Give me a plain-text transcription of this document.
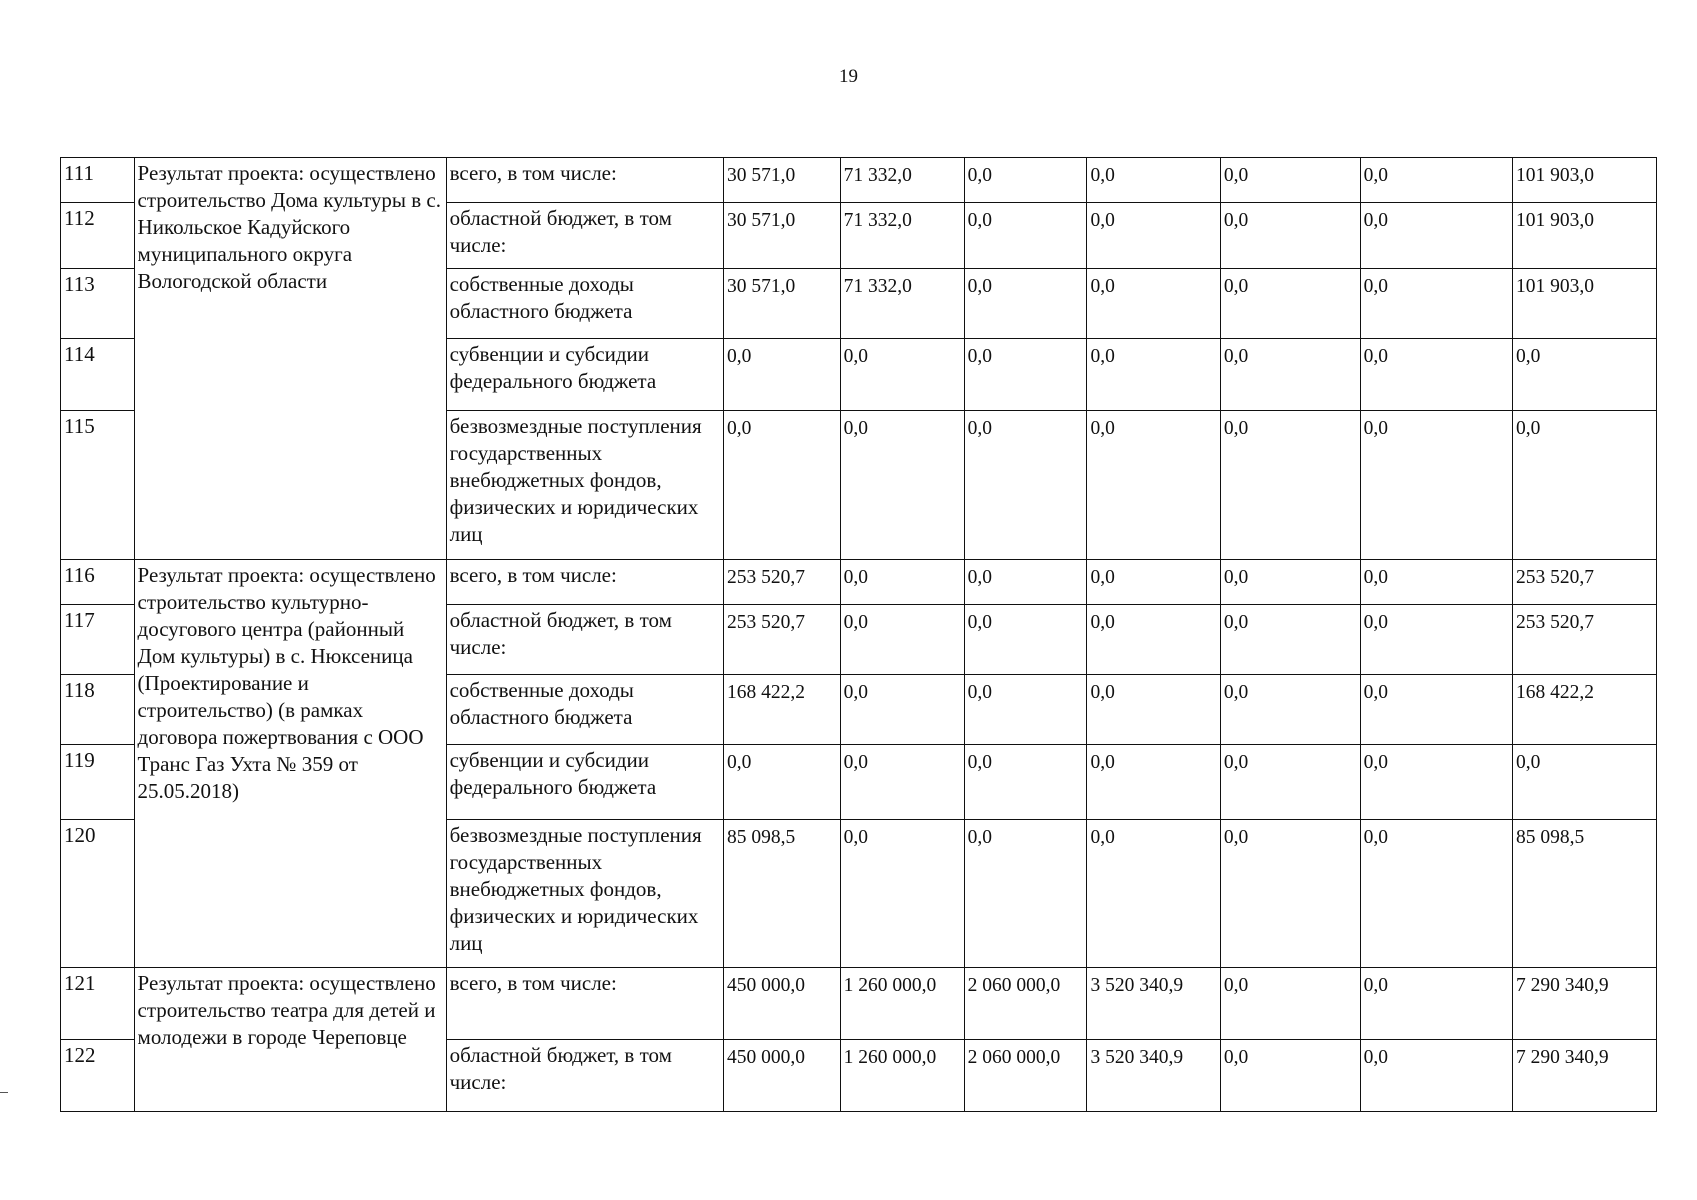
19
111	Результат проекта: осуществлено строительство Дома культуры в с. Никольское Кадуйского муниципального округа Вологодской области	всего, в том числе:	30 571,0	71 332,0	0,0	0,0	0,0	0,0	101 903,0
112		областной бюджет, в том числе:	30 571,0	71 332,0	0,0	0,0	0,0	0,0	101 903,0
113		собственные доходы областного бюджета	30 571,0	71 332,0	0,0	0,0	0,0	0,0	101 903,0
114		субвенции и субсидии федерального бюджета	0,0	0,0	0,0	0,0	0,0	0,0	0,0
115		безвозмездные поступления государственных внебюджетных фондов, физических и юридических лиц	0,0	0,0	0,0	0,0	0,0	0,0	0,0
116	Результат проекта: осуществлено строительство культурно-досугового центра (районный Дом культуры) в с. Нюксеница (Проектирование и строительство) (в рамках договора пожертвования с ООО Транс Газ Ухта № 359 от 25.05.2018)	всего, в том числе:	253 520,7	0,0	0,0	0,0	0,0	0,0	253 520,7
117		областной бюджет, в том числе:	253 520,7	0,0	0,0	0,0	0,0	0,0	253 520,7
118		собственные доходы областного бюджета	168 422,2	0,0	0,0	0,0	0,0	0,0	168 422,2
119		субвенции и субсидии федерального бюджета	0,0	0,0	0,0	0,0	0,0	0,0	0,0
120		безвозмездные поступления государственных внебюджетных фондов, физических и юридических лиц	85 098,5	0,0	0,0	0,0	0,0	0,0	85 098,5
121	Результат проекта: осуществлено строительство театра для детей и молодежи в городе Череповце	всего, в том числе:	450 000,0	1 260 000,0	2 060 000,0	3 520 340,9	0,0	0,0	7 290 340,9
122		областной бюджет, в том числе:	450 000,0	1 260 000,0	2 060 000,0	3 520 340,9	0,0	0,0	7 290 340,9
